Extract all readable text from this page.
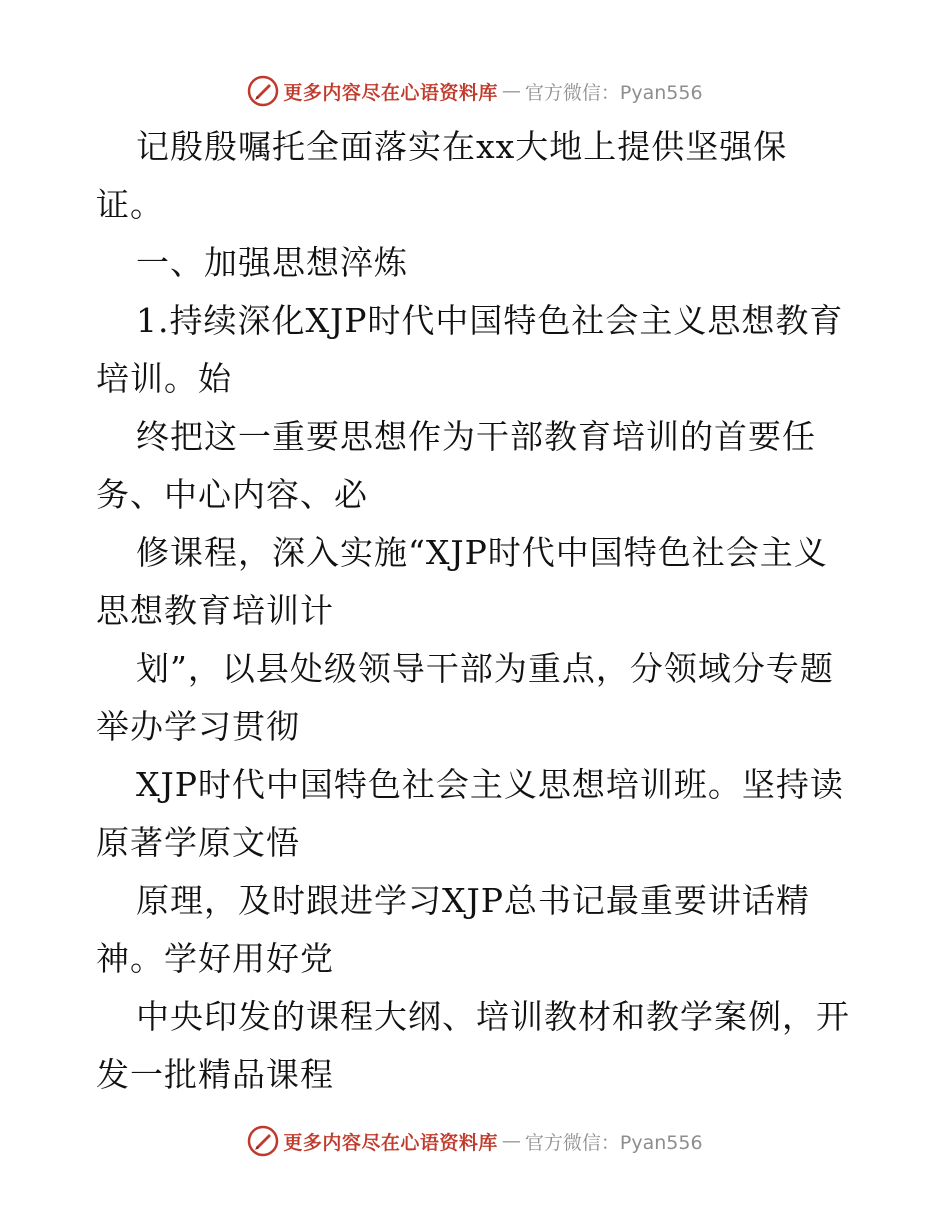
更多内容尽在心语资料库 — 官方微信：Pyan556
记殷殷嘱托全面落实在xx大地上提供坚强保
证。
一、加强思想淬炼
1.持续深化XJP时代中国特色社会主义思想教育
培训。始
终把这一重要思想作为干部教育培训的首要任
务、中心内容、必
修课程，深入实施“XJP时代中国特色社会主义
思想教育培训计
划”，以县处级领导干部为重点，分领域分专题
举办学习贯彻
XJP时代中国特色社会主义思想培训班。坚持读
原著学原文悟
原理，及时跟进学习XJP总书记最重要讲话精
神。学好用好党
中央印发的课程大纲、培训教材和教学案例，开
发一批精品课程
更多内容尽在心语资料库 — 官方微信：Pyan556
